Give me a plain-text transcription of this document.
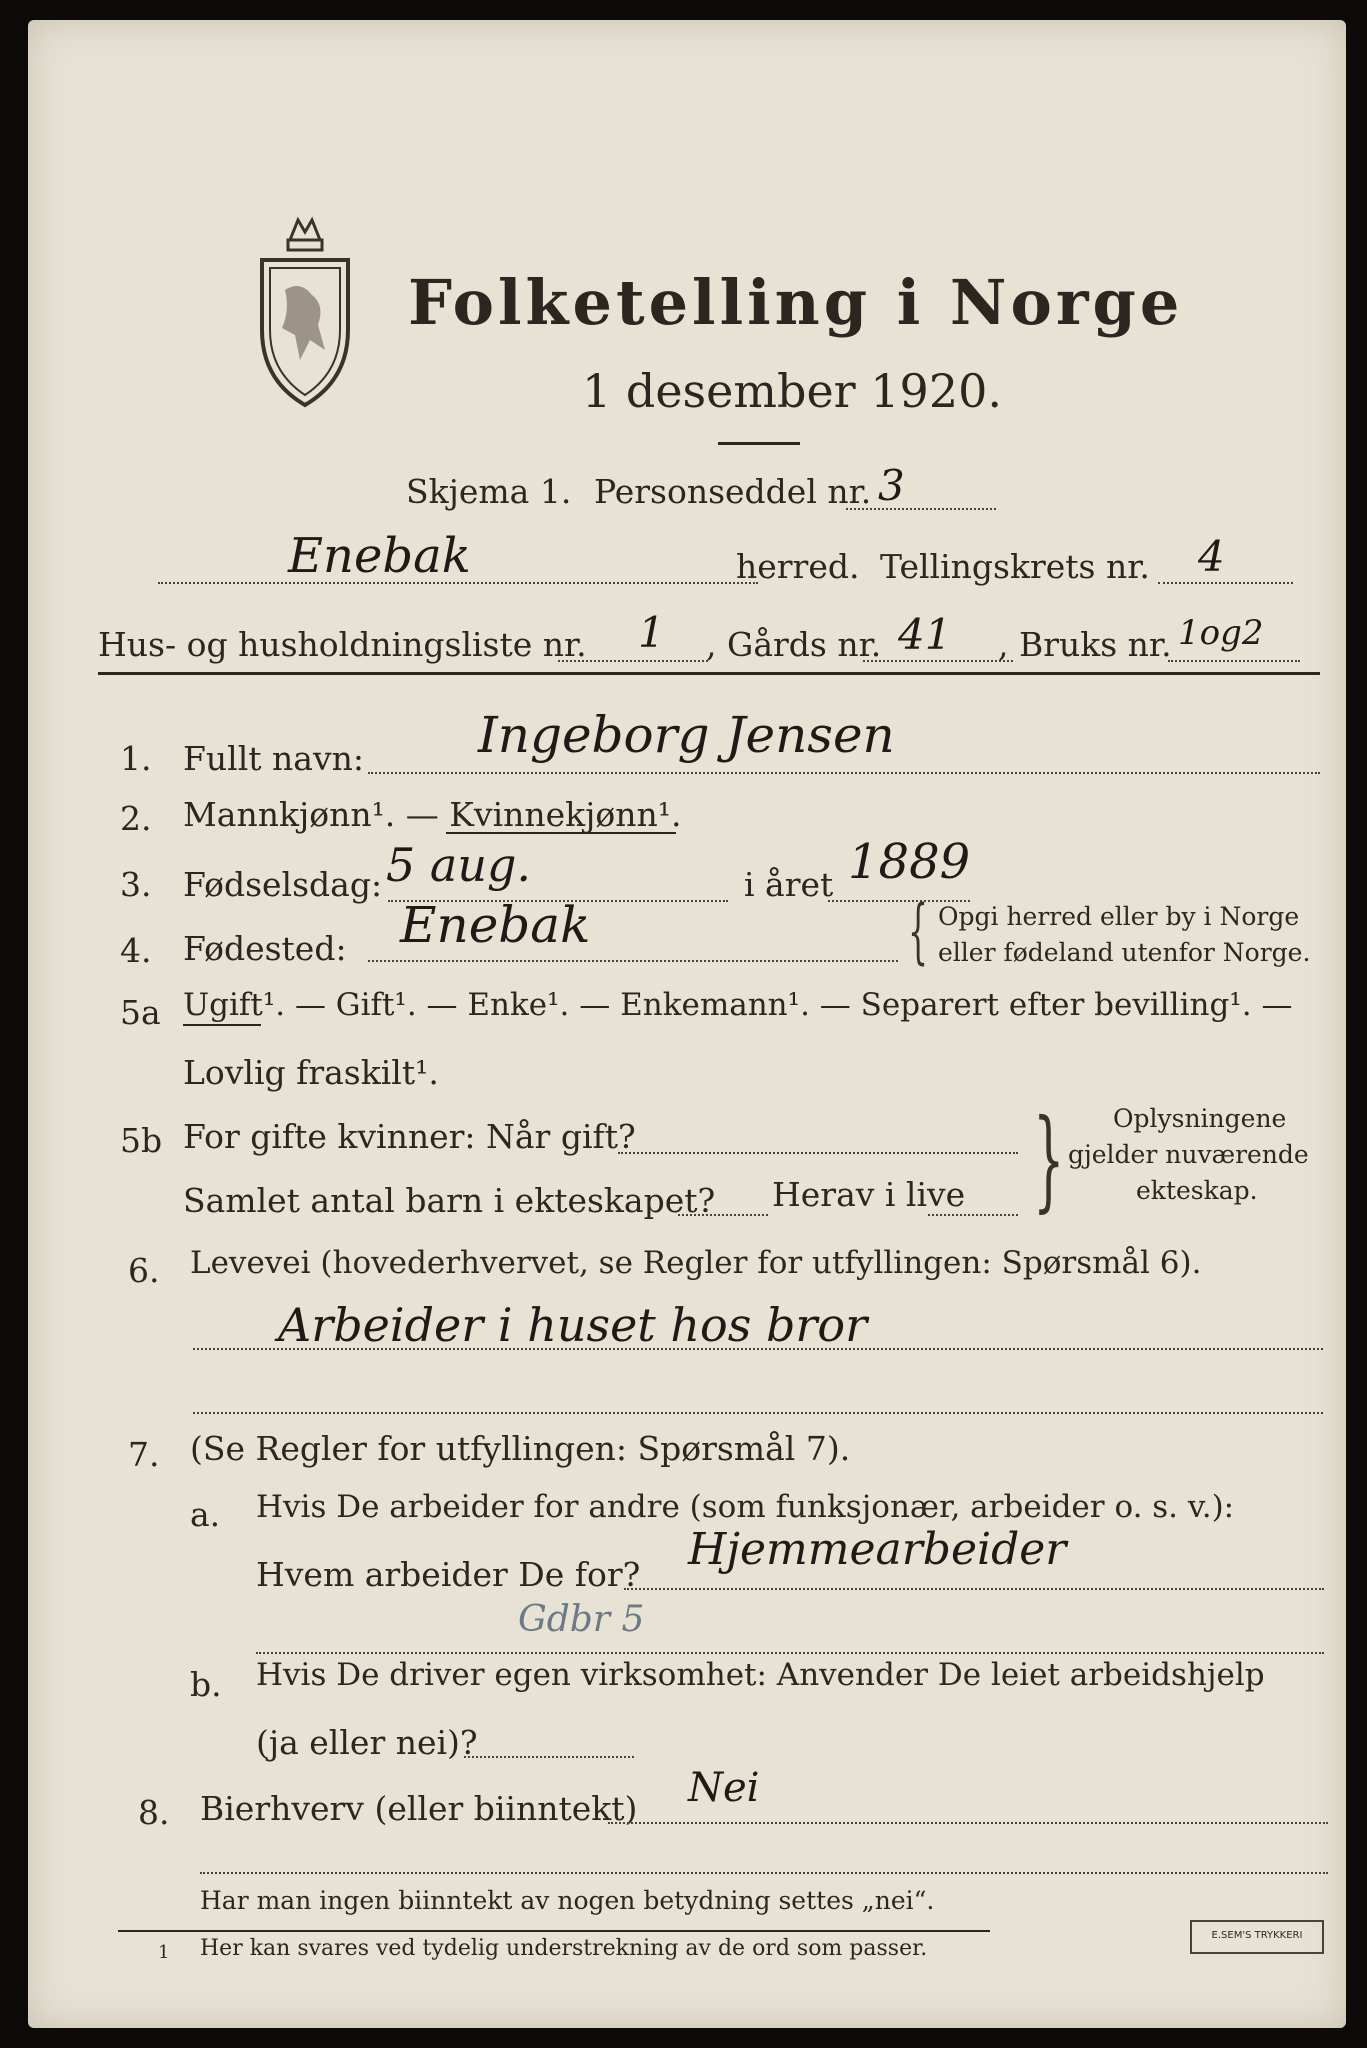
Folketelling i Norge
1 desember 1920.
Skjema 1. Personseddel nr. 3
Enebak	herred. Tellingskrets nr. 4
Hus- og husholdningsliste nr. 1 , Gårds nr. 41 , Bruks nr. 1og2
1. Fullt navn: Ingeborg Jensen
2. Mannkjønn¹. — Kvinnekjønn¹.
3. Fødselsdag: 5 aug.	i året 1889
4. Fødested: Enebak	{ Opgi herred eller by i Norge
eller fødeland utenfor Norge.
5a Ugift¹. — Gift¹. — Enke¹. — Enkemann¹. — Separert efter bevilling¹. —
Lovlig fraskilt¹.
5b For gifte kvinner: Når gift?
Samlet antal barn i ekteskapet? Herav i live } Oplysningene
gjelder nuværende
ekteskap.
6. Levevei (hovederhvervet, se Regler for utfyllingen: Spørsmål 6).
Arbeider i huset hos bror
7. (Se Regler for utfyllingen: Spørsmål 7).
a. Hvis De arbeider for andre (som funksjonær, arbeider o. s. v.):
Hvem arbeider De for? Hjemmearbeider
Gdbr 5
b. Hvis De driver egen virksomhet: Anvender De leiet arbeidshjelp
(ja eller nei)?
8. Bierhverv (eller biinntekt) Nei
Har man ingen biinntekt av nogen betydning settes „nei“.
1 Her kan svares ved tydelig understrekning av de ord som passer.
E.SEM'S TRYKKERI
